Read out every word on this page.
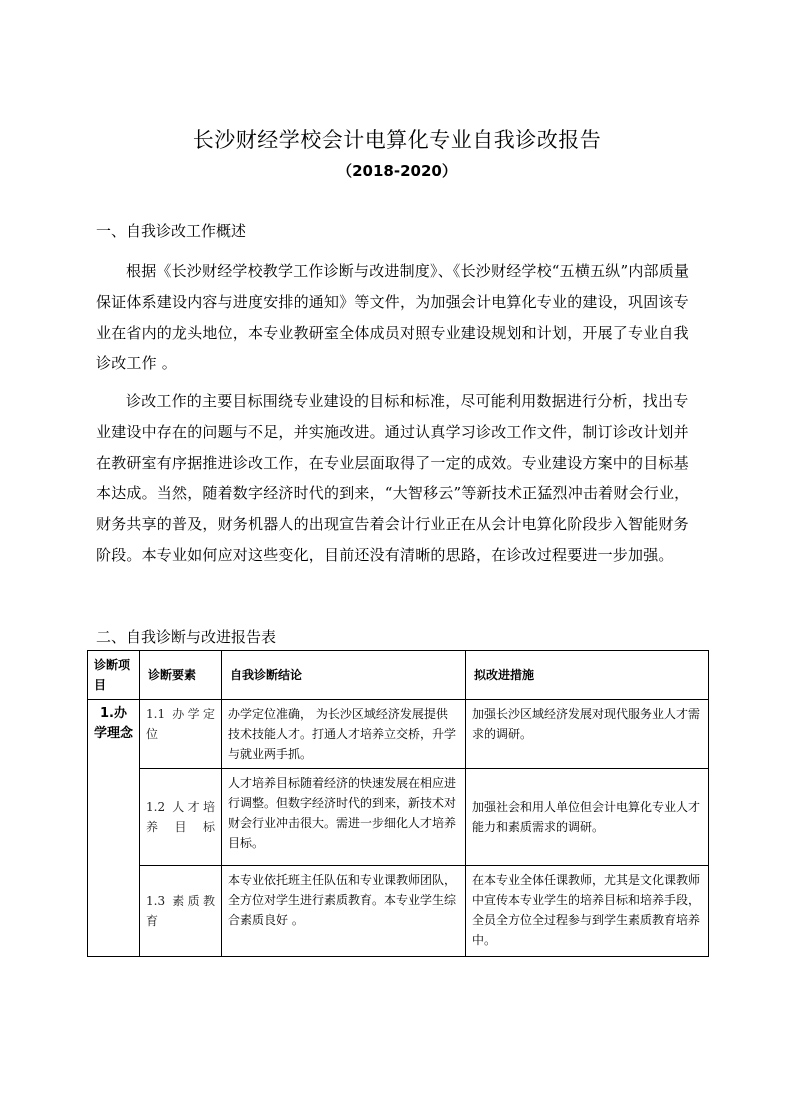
长沙财经学校会计电算化专业自我诊改报告
（2018-2020）
一、自我诊改工作概述

根据《长沙财经学校教学工作诊断与改进制度》、《长沙财经学校“五横五纵”内部质量保证体系建设内容与进度安排的通知》等文件，为加强会计电算化专业的建设，巩固该专业在省内的龙头地位，本专业教研室全体成员对照专业建设规划和计划，开展了专业自我诊改工作 。

诊改工作的主要目标围绕专业建设的目标和标准，尽可能利用数据进行分析，找出专业建设中存在的问题与不足，并实施改进。通过认真学习诊改工作文件，制订诊改计划并在教研室有序据推进诊改工作，在专业层面取得了一定的成效。专业建设方案中的目标基本达成。当然，随着数字经济时代的到来，“大智移云”等新技术正猛烈冲击着财会行业，财务共享的普及，财务机器人的出现宣告着会计行业正在从会计电算化阶段步入智能财务阶段。本专业如何应对这些变化，目前还没有清晰的思路，在诊改过程要进一步加强。

二、自我诊断与改进报告表
诊断项目	诊断要素	自我诊断结论	拟改进措施
1.办学理念	1.1 办学定位	办学定位准确， 为长沙区域经济发展提供技术技能人才。打通人才培养立交桥，升学与就业两手抓。	加强长沙区域经济发展对现代服务业人才需求的调研。
	1.2 人才培养目标	人才培养目标随着经济的快速发展在相应进行调整。但数字经济时代的到来，新技术对财会行业冲击很大。需进一步细化人才培养目标。	加强社会和用人单位但会计电算化专业人才能力和素质需求的调研。
	1.3 素质教育	本专业依托班主任队伍和专业课教师团队，全方位对学生进行素质教育。本专业学生综合素质良好 。	在本专业全体任课教师，尤其是文化课教师中宣传本专业学生的培养目标和培养手段，全员全方位全过程参与到学生素质教育培养中。
